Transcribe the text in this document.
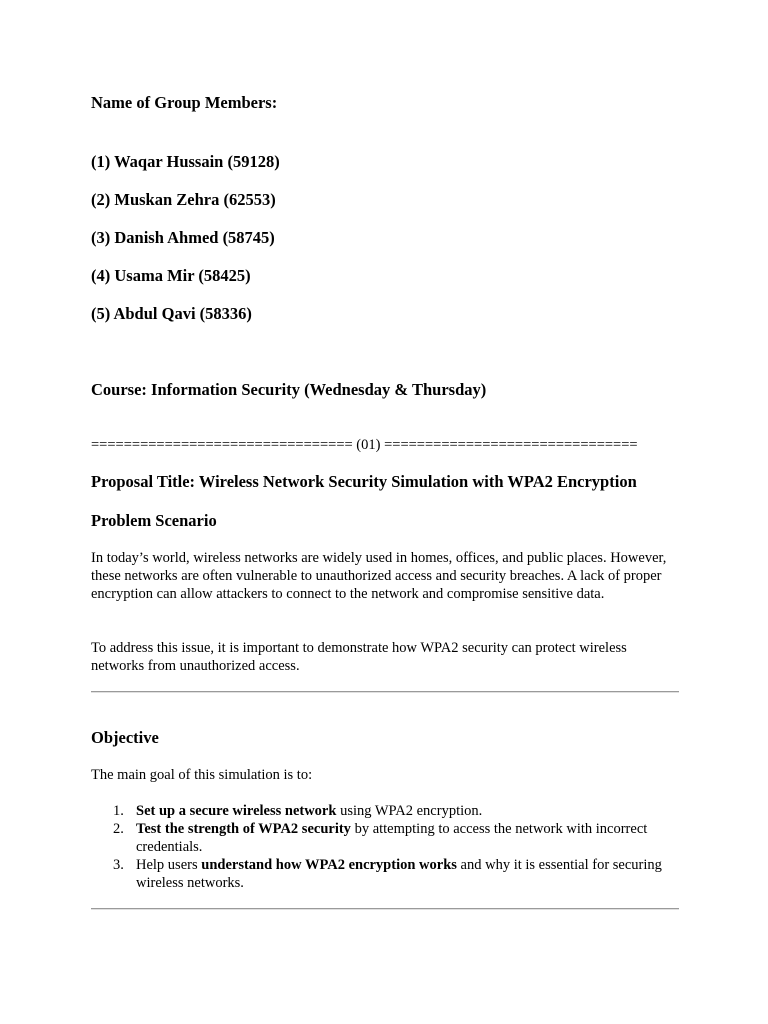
Name of Group Members:
(1) Waqar Hussain (59128)
(2) Muskan Zehra (62553)
(3) Danish Ahmed (58745)
(4) Usama Mir (58425)
(5) Abdul Qavi (58336)
Course: Information Security (Wednesday & Thursday)
================================ (01) ===============================
Proposal Title: Wireless Network Security Simulation with WPA2 Encryption
Problem Scenario
In today’s world, wireless networks are widely used in homes, offices, and public places. However, these networks are often vulnerable to unauthorized access and security breaches. A lack of proper encryption can allow attackers to connect to the network and compromise sensitive data.
To address this issue, it is important to demonstrate how WPA2 security can protect wireless networks from unauthorized access.
Objective
The main goal of this simulation is to:
1. Set up a secure wireless network using WPA2 encryption.
2. Test the strength of WPA2 security by attempting to access the network with incorrect credentials.
3. Help users understand how WPA2 encryption works and why it is essential for securing wireless networks.
